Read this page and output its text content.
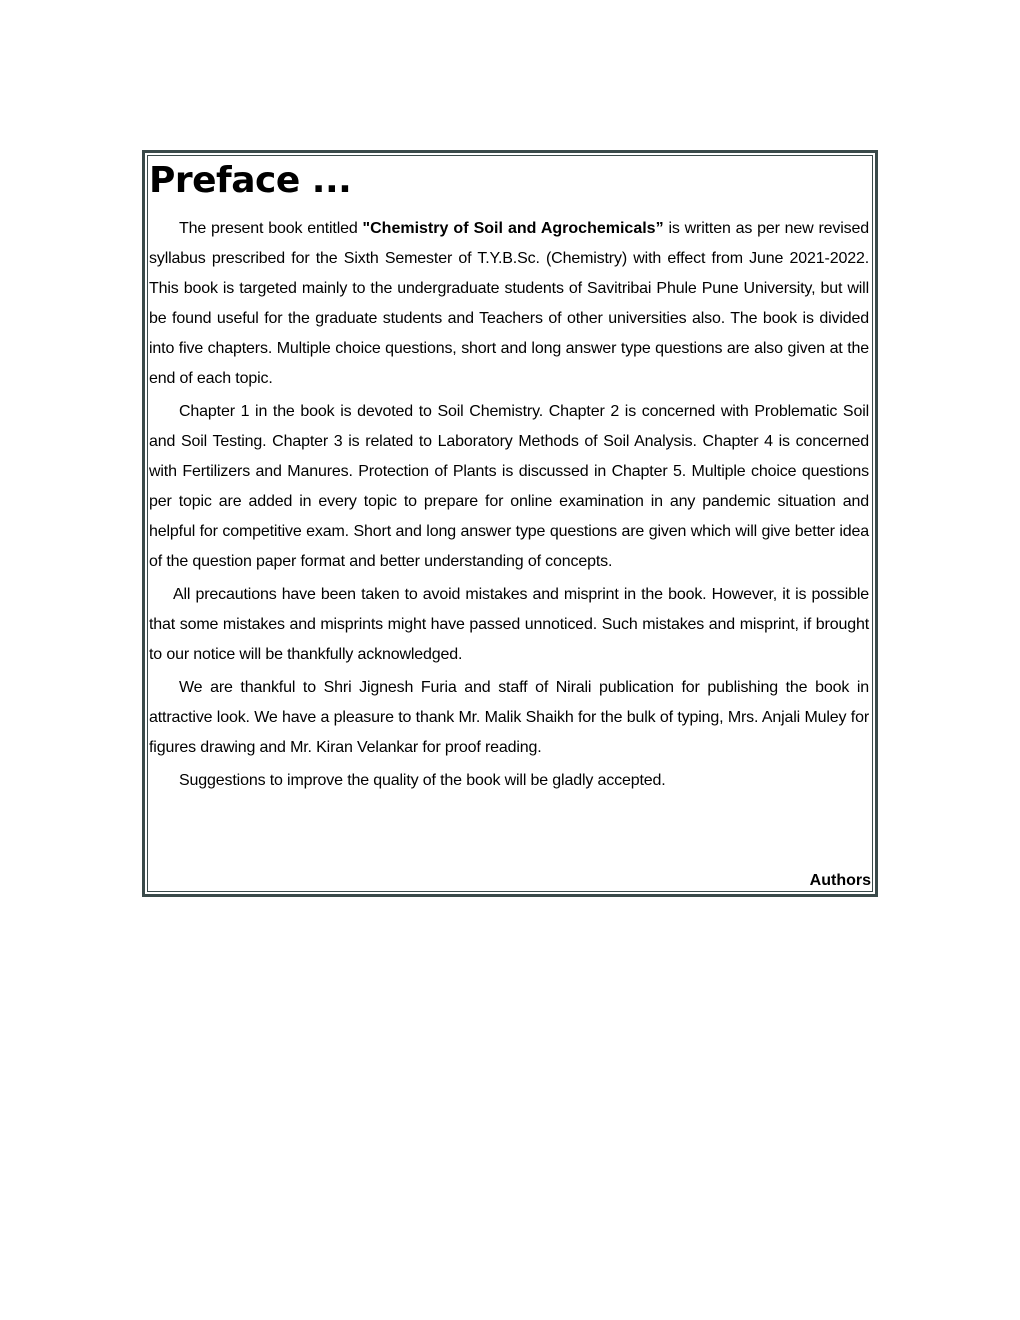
Preface ...

The present book entitled "Chemistry of Soil and Agrochemicals” is written as per new revised syllabus prescribed for the Sixth Semester of T.Y.B.Sc. (Chemistry) with effect from June 2021-2022. This book is targeted mainly to the undergraduate students of Savitribai Phule Pune University, but will be found useful for the graduate students and Teachers of other universities also. The book is divided into five chapters. Multiple choice questions, short and long answer type questions are also given at the end of each topic.

Chapter 1 in the book is devoted to Soil Chemistry. Chapter 2 is concerned with Problematic Soil and Soil Testing. Chapter 3 is related to Laboratory Methods of Soil Analysis. Chapter 4 is concerned with Fertilizers and Manures. Protection of Plants is discussed in Chapter 5. Multiple choice questions per topic are added in every topic to prepare for online examination in any pandemic situation and helpful for competitive exam. Short and long answer type questions are given which will give better idea of the question paper format and better understanding of concepts.

All precautions have been taken to avoid mistakes and misprint in the book. However, it is possible that some mistakes and misprints might have passed unnoticed. Such mistakes and misprint, if brought to our notice will be thankfully acknowledged.

We are thankful to Shri Jignesh Furia and staff of Nirali publication for publishing the book in attractive look. We have a pleasure to thank Mr. Malik Shaikh for the bulk of typing, Mrs. Anjali Muley for figures drawing and Mr. Kiran Velankar for proof reading.

Suggestions to improve the quality of the book will be gladly accepted.

Authors
